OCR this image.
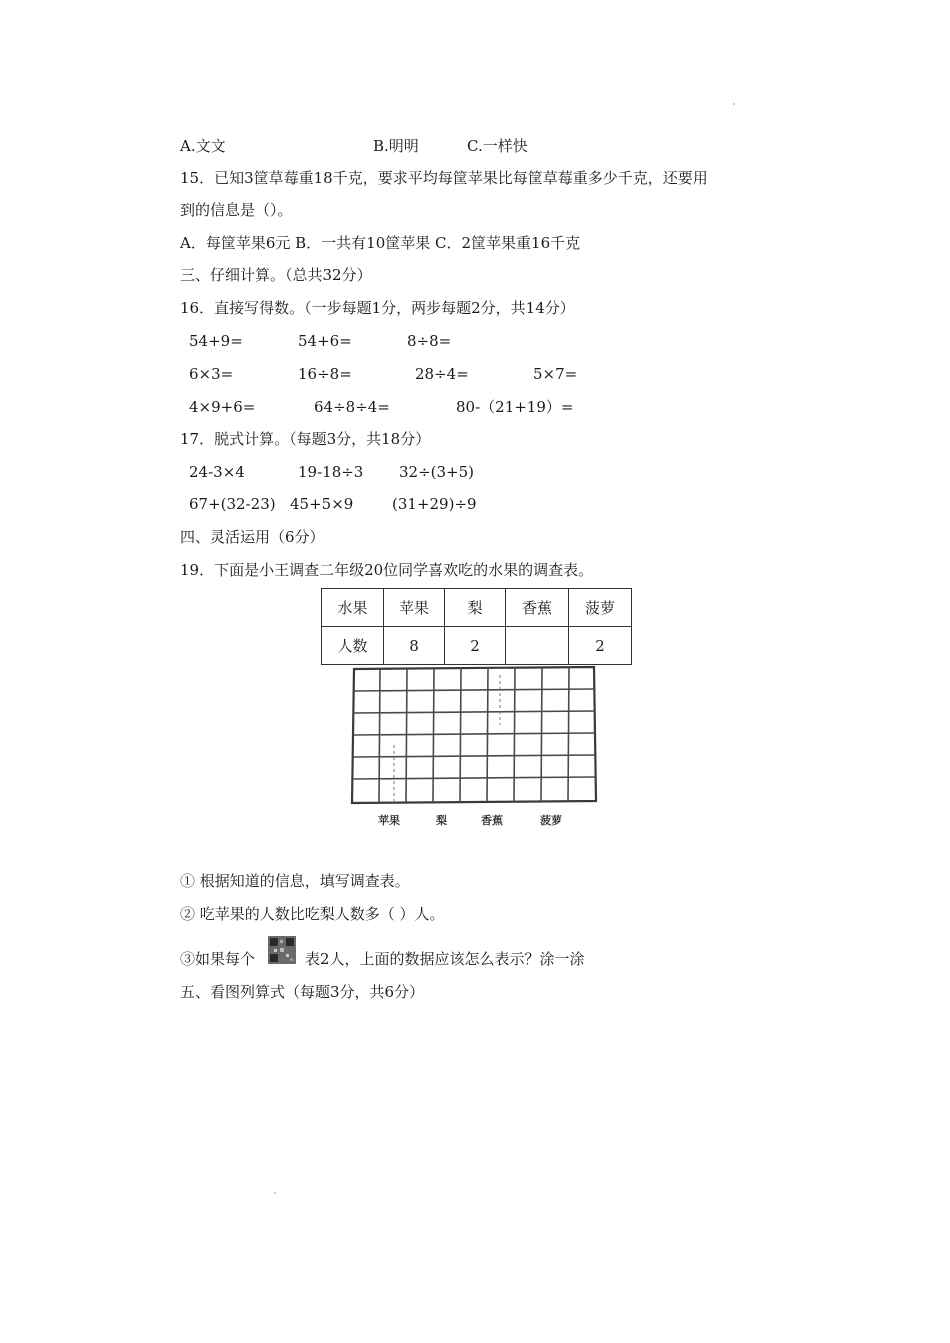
A.文文	B.明明	C.一样快
15．已知3筐草莓重18千克，要求平均每筐苹果比每筐草莓重多少千克，还要用
到的信息是（）。
A．每筐苹果6元 B．一共有10筐苹果 C．2筐苹果重16千克
三、仔细计算。（总共32分）
16．直接写得数。（一步每题1分，两步每题2分，共14分）
54+9=	54+6=	8÷8=
6×3=	16÷8=	28÷4=	5×7=
4×9+6=	64÷8÷4=	80-（21+19）=
17．脱式计算。（每题3分，共18分）
24-3×4	19-18÷3 32÷(3+5)
67+(32-23) 45+5×9	(31+29)÷9
四、灵活运用（6分）
19．下面是小王调查二年级20位同学喜欢吃的水果的调查表。
水果	苹果	梨	香蕉	菠萝
人数	8	2		2
苹果	梨	香蕉	菠萝
① 根据知道的信息，填写调查表。
② 吃苹果的人数比吃梨人数多（ ）人。
③如果每个	表2人，上面的数据应该怎么表示？涂一涂
五、看图列算式（每题3分，共6分）
